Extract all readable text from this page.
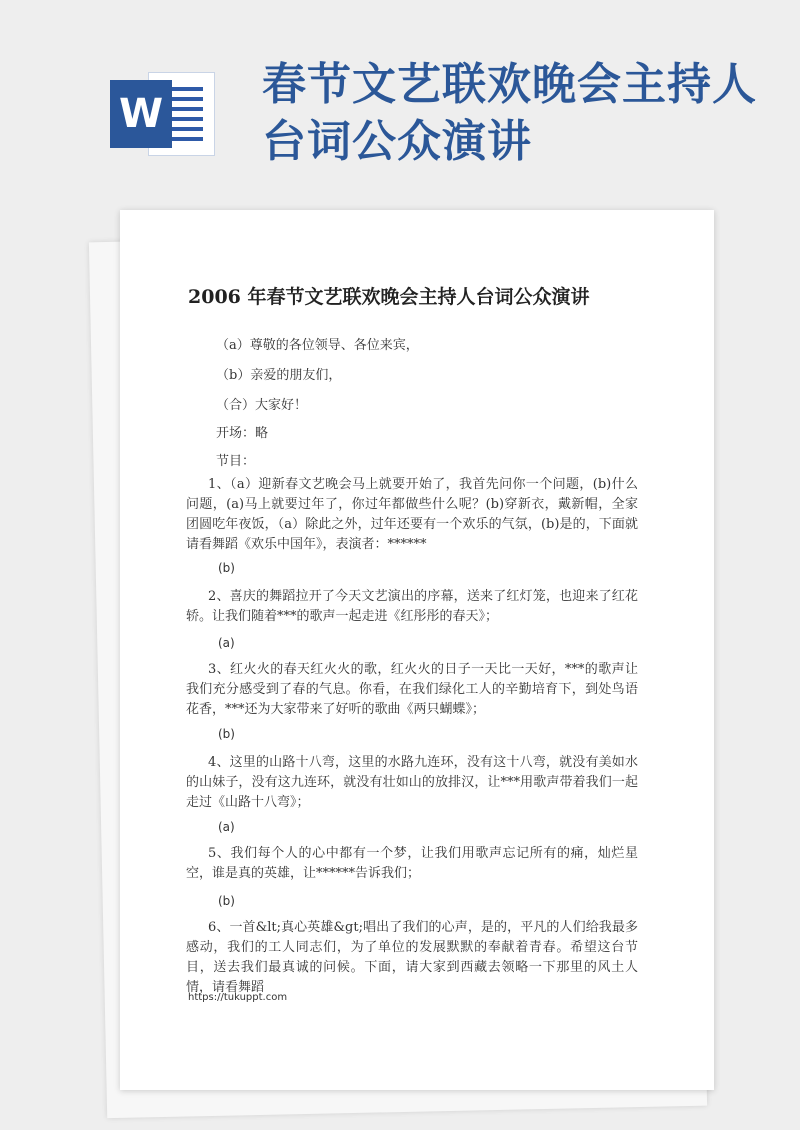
W
春节文艺联欢晚会主持人台词公众演讲
2006 年春节文艺联欢晚会主持人台词公众演讲
（a）尊敬的各位领导、各位来宾，
（b）亲爱的朋友们，
（合）大家好！
开场：略
节目：

1、（a）迎新春文艺晚会马上就要开始了，我首先问你一个问题，(b)什么问题，(a)马上就要过年了，你过年都做些什么呢？(b)穿新衣，戴新帽，全家团圆吃年夜饭，（a）除此之外，过年还要有一个欢乐的气氛，(b)是的，下面就请看舞蹈《欢乐中国年》，表演者：******

(b)

2、喜庆的舞蹈拉开了今天文艺演出的序幕，送来了红灯笼，也迎来了红花轿。让我们随着***的歌声一起走进《红彤彤的春天》；

(a)

3、红火火的春天红火火的歌，红火火的日子一天比一天好，***的歌声让我们充分感受到了春的气息。你看，在我们绿化工人的辛勤培育下，到处鸟语花香，***还为大家带来了好听的歌曲《两只蝴蝶》；

(b)

4、这里的山路十八弯，这里的水路九连环，没有这十八弯，就没有美如水的山妹子，没有这九连环，就没有壮如山的放排汉，让***用歌声带着我们一起走过《山路十八弯》；

(a)

5、我们每个人的心中都有一个梦，让我们用歌声忘记所有的痛，灿烂星空，谁是真的英雄，让******告诉我们；

(b)

6、一首&lt;真心英雄&gt;唱出了我们的心声，是的，平凡的人们给我最多感动，我们的工人同志们，为了单位的发展默默的奉献着青春。希望这台节目，送去我们最真诚的问候。下面，请大家到西藏去领略一下那里的风土人情，请看舞蹈

https://tukuppt.com
